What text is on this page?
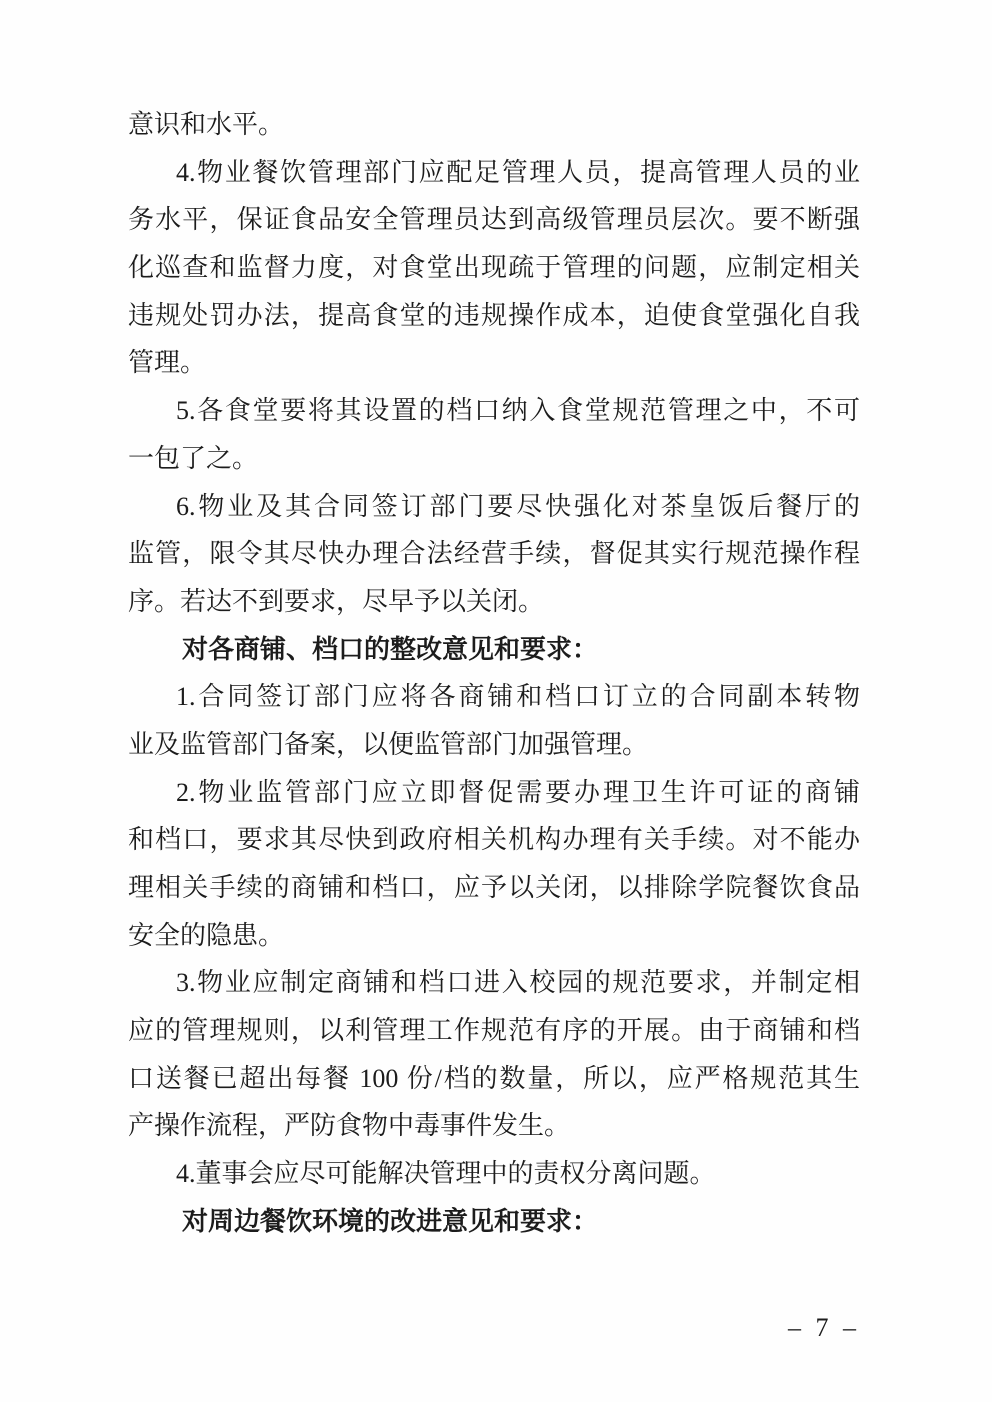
意识和水平。
4.物业餐饮管理部门应配足管理人员，提高管理人员的业
务水平，保证食品安全管理员达到高级管理员层次。要不断强
化巡查和监督力度，对食堂出现疏于管理的问题，应制定相关
违规处罚办法，提高食堂的违规操作成本，迫使食堂强化自我
管理。
5.各食堂要将其设置的档口纳入食堂规范管理之中，不可
一包了之。
6.物业及其合同签订部门要尽快强化对茶皇饭后餐厅的
监管，限令其尽快办理合法经营手续，督促其实行规范操作程
序。若达不到要求，尽早予以关闭。
对各商铺、档口的整改意见和要求：
1.合同签订部门应将各商铺和档口订立的合同副本转物
业及监管部门备案，以便监管部门加强管理。
2.物业监管部门应立即督促需要办理卫生许可证的商铺
和档口，要求其尽快到政府相关机构办理有关手续。对不能办
理相关手续的商铺和档口，应予以关闭，以排除学院餐饮食品
安全的隐患。
3.物业应制定商铺和档口进入校园的规范要求，并制定相
应的管理规则，以利管理工作规范有序的开展。由于商铺和档
口送餐已超出每餐 100 份/档的数量，所以，应严格规范其生
产操作流程，严防食物中毒事件发生。
4.董事会应尽可能解决管理中的责权分离问题。
对周边餐饮环境的改进意见和要求：
– 7 –
